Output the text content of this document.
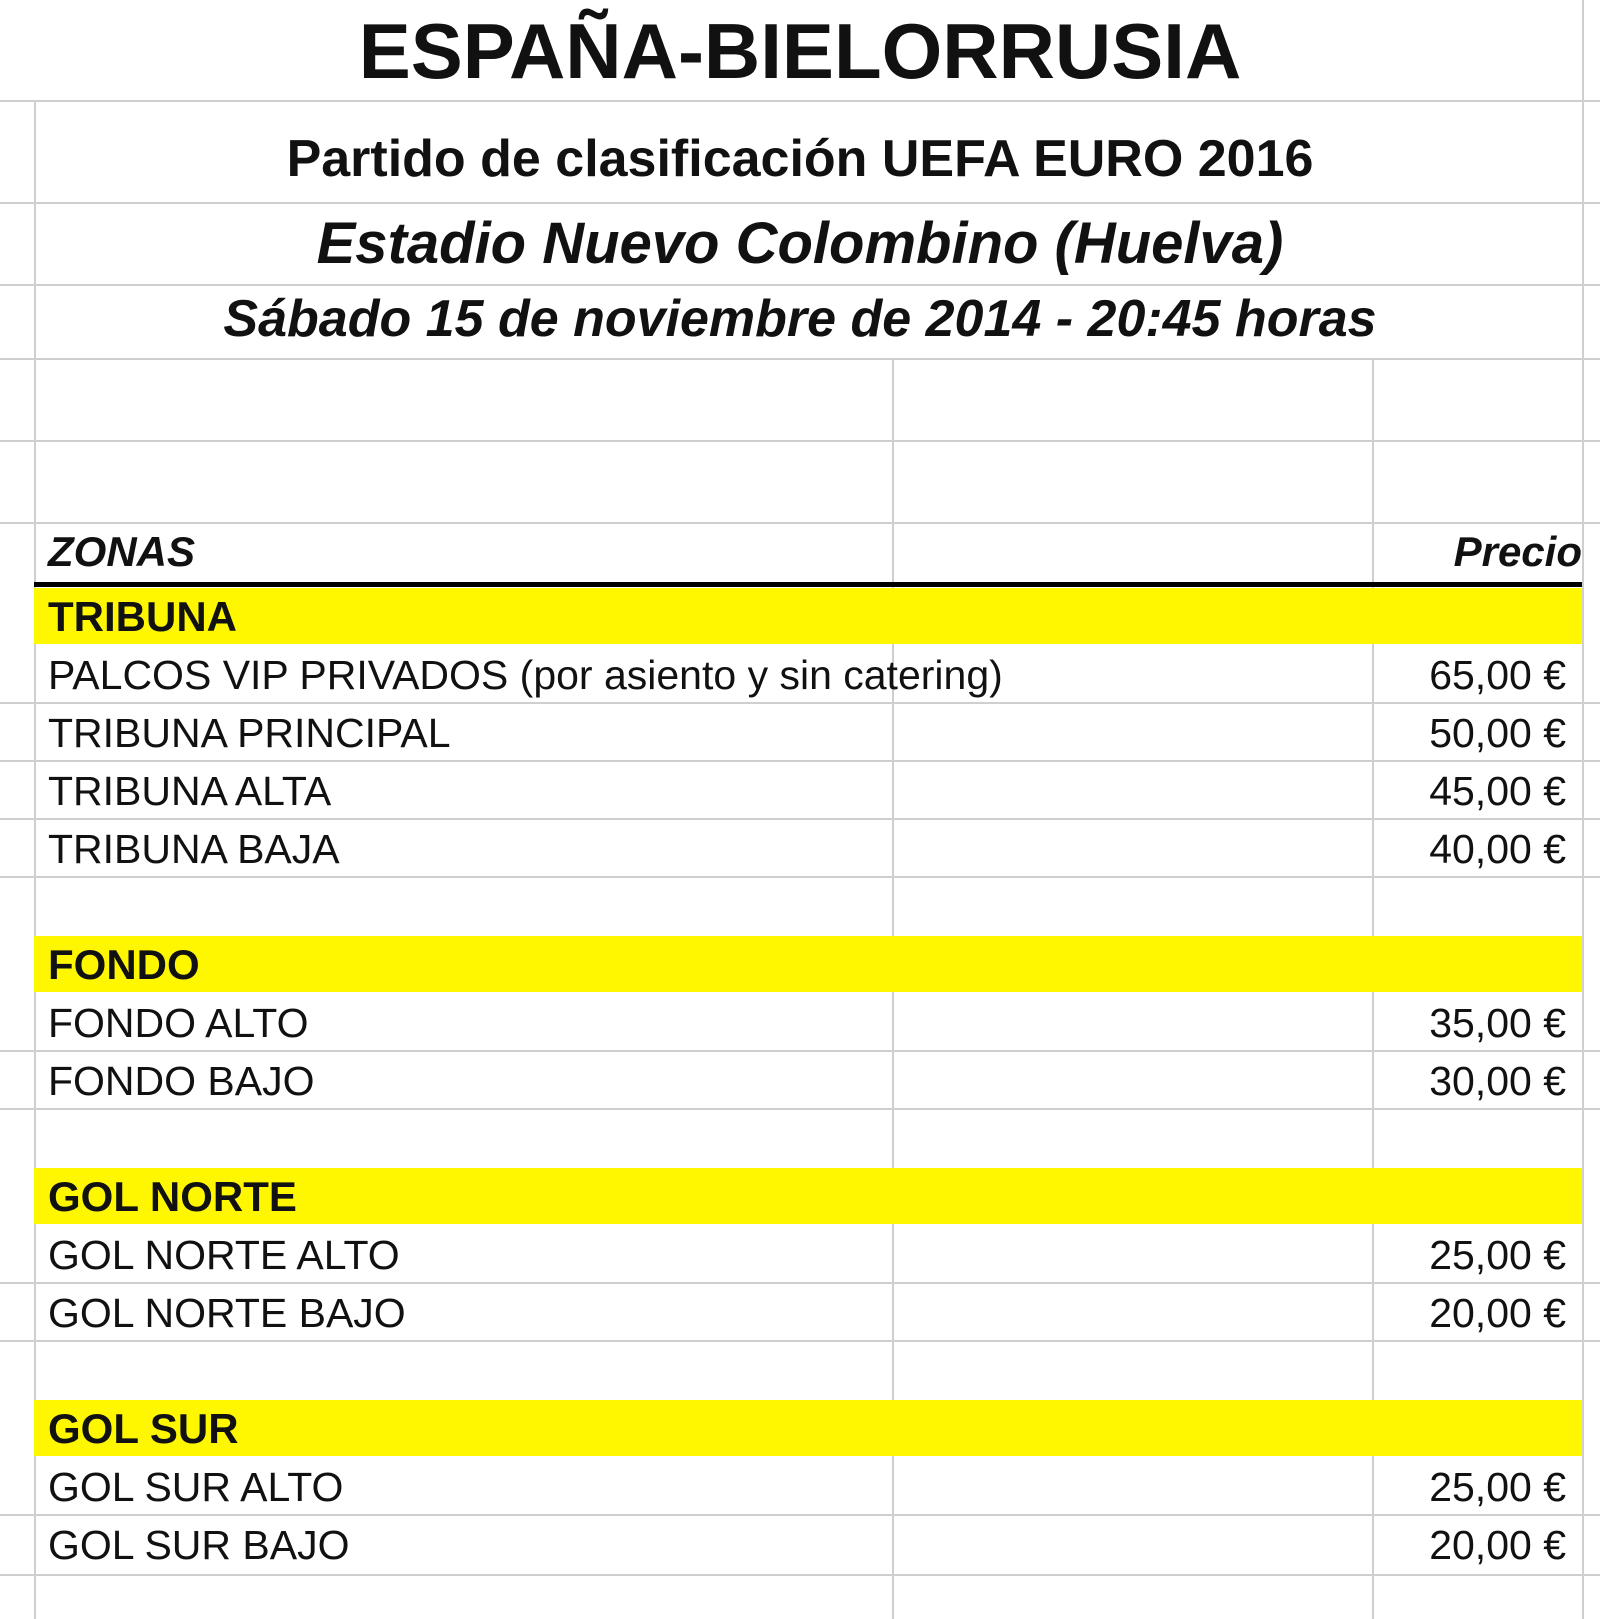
ESPAÑA-BIELORRUSIA
Partido de clasificación UEFA EURO 2016
Estadio Nuevo Colombino (Huelva)
Sábado 15 de noviembre de 2014 - 20:45 horas
ZONAS	Precio
TRIBUNA
PALCOS VIP PRIVADOS (por asiento y sin catering)	65,00 €
TRIBUNA PRINCIPAL	50,00 €
TRIBUNA ALTA	45,00 €
TRIBUNA BAJA	40,00 €
FONDO
FONDO ALTO	35,00 €
FONDO BAJO	30,00 €
GOL NORTE
GOL NORTE ALTO	25,00 €
GOL NORTE BAJO	20,00 €
GOL SUR
GOL SUR ALTO	25,00 €
GOL SUR BAJO	20,00 €
